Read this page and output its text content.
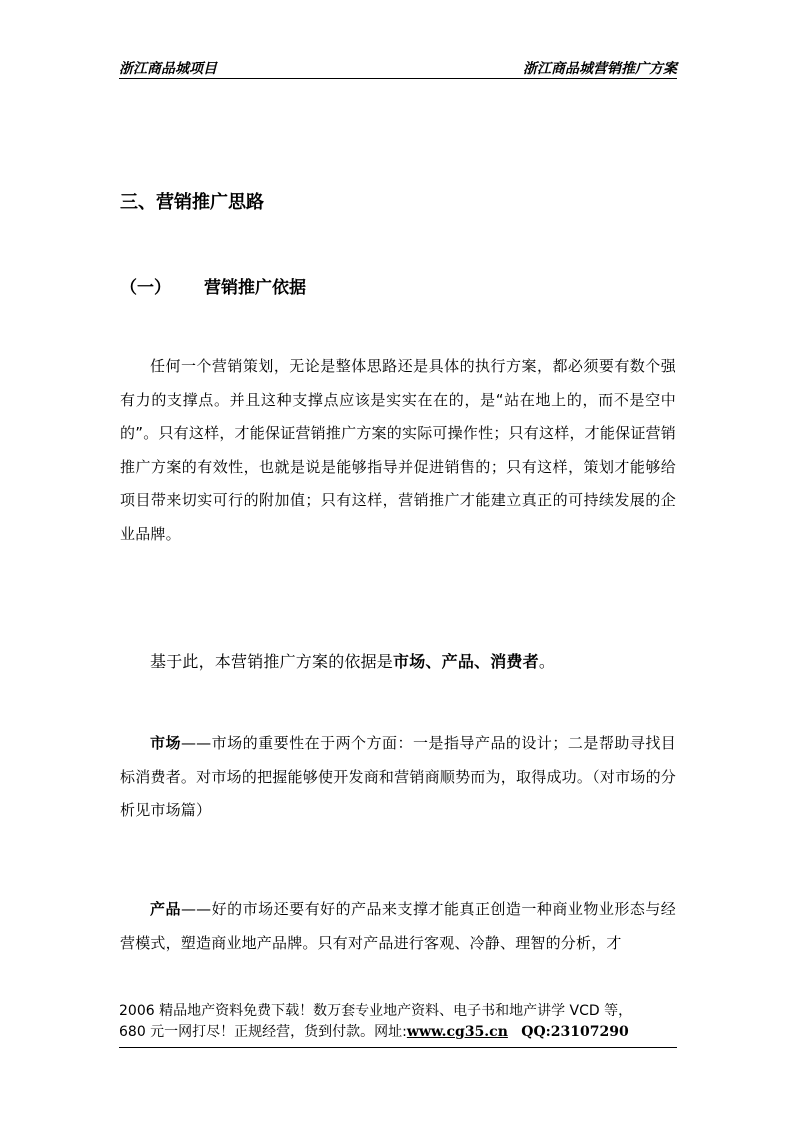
浙江商品城项目	浙江商品城营销推广方案
三、营销推广思路
（一） 营销推广依据
任何一个营销策划，无论是整体思路还是具体的执行方案，都必须要有数个强有力的支撑点。并且这种支撑点应该是实实在在的，是“站在地上的，而不是空中的”。只有这样，才能保证营销推广方案的实际可操作性；只有这样，才能保证营销推广方案的有效性，也就是说是能够指导并促进销售的；只有这样，策划才能够给项目带来切实可行的附加值；只有这样，营销推广才能建立真正的可持续发展的企业品牌。
基于此，本营销推广方案的依据是市场、产品、消费者。
市场——市场的重要性在于两个方面：一是指导产品的设计；二是帮助寻找目标消费者。对市场的把握能够使开发商和营销商顺势而为，取得成功。（对市场的分析见市场篇）
产品——好的市场还要有好的产品来支撑才能真正创造一种商业物业形态与经营模式，塑造商业地产品牌。只有对产品进行客观、冷静、理智的分析，才
2006 精品地产资料免费下载！数万套专业地产资料、电子书和地产讲学 VCD 等，
680 元一网打尽！正规经营，货到付款。网址:www.cg35.cn QQ:23107290
